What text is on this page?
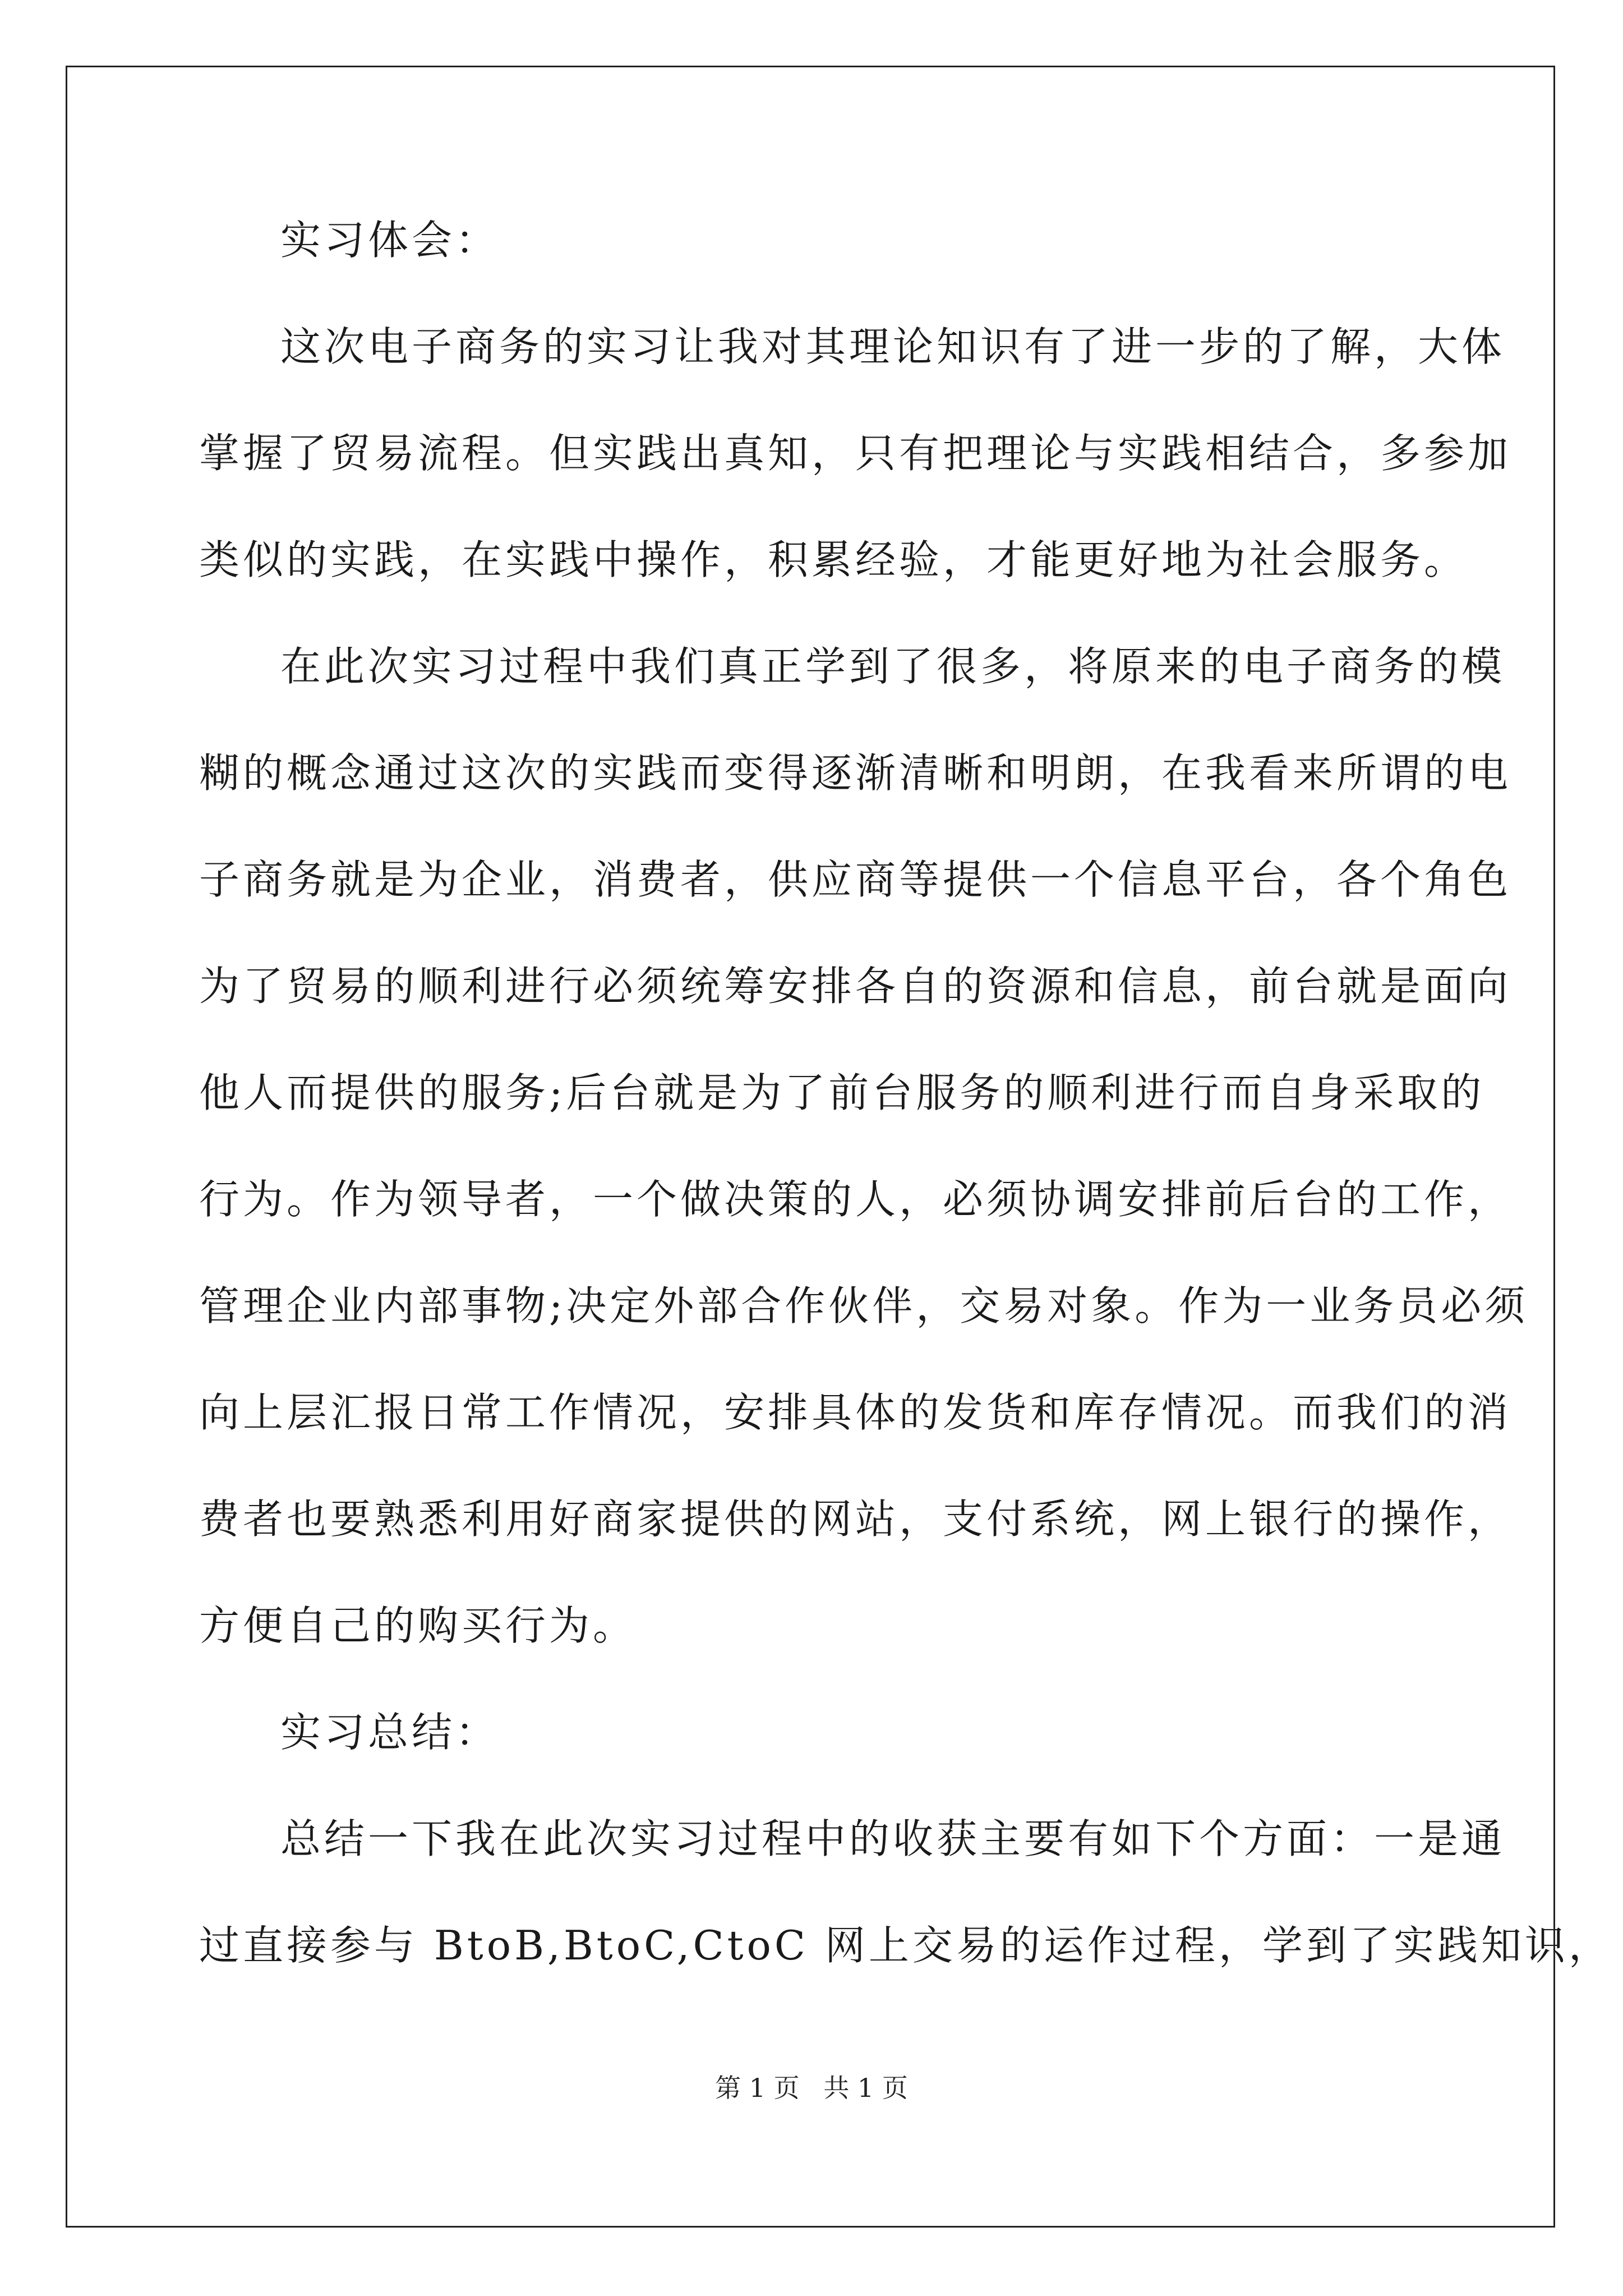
实习体会：
这次电子商务的实习让我对其理论知识有了进一步的了解，大体
掌握了贸易流程。但实践出真知，只有把理论与实践相结合，多参加
类似的实践，在实践中操作，积累经验，才能更好地为社会服务。
在此次实习过程中我们真正学到了很多，将原来的电子商务的模
糊的概念通过这次的实践而变得逐渐清晰和明朗，在我看来所谓的电
子商务就是为企业，消费者，供应商等提供一个信息平台，各个角色
为了贸易的顺利进行必须统筹安排各自的资源和信息，前台就是面向
他人而提供的服务;后台就是为了前台服务的顺利进行而自身采取的
行为。作为领导者，一个做决策的人，必须协调安排前后台的工作，
管理企业内部事物;决定外部合作伙伴，交易对象。作为一业务员必须
向上层汇报日常工作情况，安排具体的发货和库存情况。而我们的消
费者也要熟悉利用好商家提供的网站，支付系统，网上银行的操作，
方便自己的购买行为。
实习总结：
总结一下我在此次实习过程中的收获主要有如下个方面：一是通
过直接参与 BtoB,BtoC,CtoC 网上交易的运作过程，学到了实践知识，
第 1 页 共 1 页
